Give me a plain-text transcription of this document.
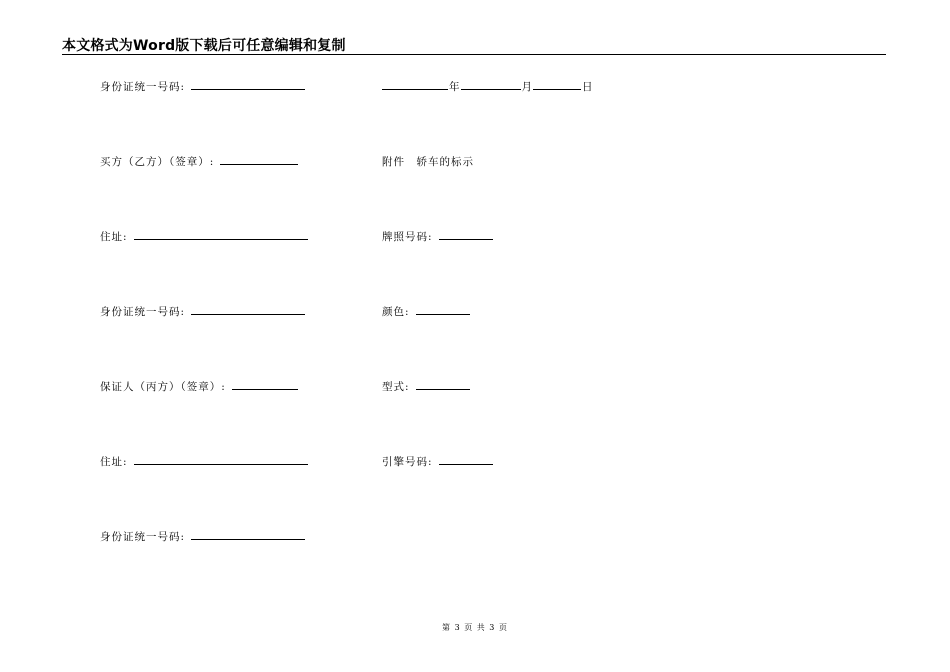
本文格式为Word版下载后可任意编辑和复制
身份证统一号码:
买方（乙方）（签章）:
住址:
身份证统一号码:
保证人（丙方）（签章）:
住址:
身份证统一号码:
年	月	日
附件　轿车的标示
牌照号码:
颜色:
型式:
引擎号码:
第 3 页 共 3 页
